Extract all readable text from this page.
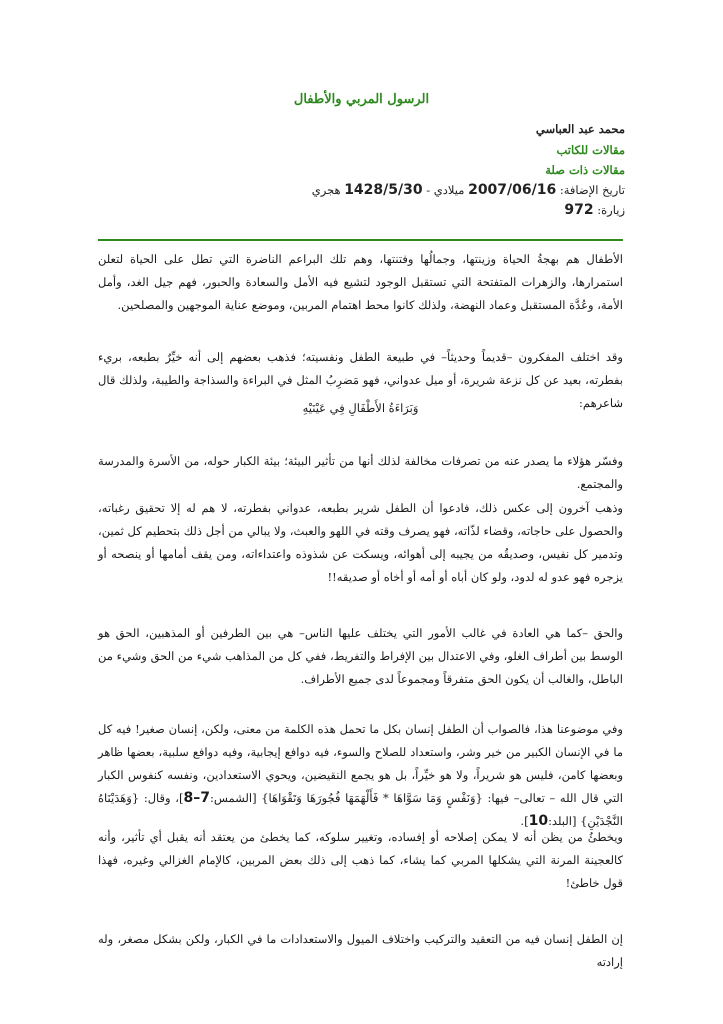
الرسول المربي والأطفال
محمد عبد العباسي
مقالات للكاتب
مقالات ذات صلة
تاريخ الإضافة: 2007/06/16 ميلادي - 1428/5/30 هجري
زيارة: 972
الأطفال هم بهجةُ الحياة وزينتها، وجمالُها وفتنتها، وهم تلك البراعم الناضرة التي تطل على الحياة لتعلن استمرارها، والزهرات المتفتحة التي تستقبل الوجود لتشيع فيه الأمل والسعادة والحبور، فهم جيل الغد، وأمل الأمة، وعُدَّة المستقبل وعماد النهضة، ولذلك كانوا محط اهتمام المربين، وموضع عناية الموجهين والمصلحين.
وقد اختلف المفكرون –قديماً وحديثاً– في طبيعة الطفل ونفسيته؛ فذهب بعضهم إلى أنه خيِّرٌ بطبعه، بريء بفطرته، بعيد عن كل نزعة شريرة، أو ميل عدواني، فهو مَضرِبُ المثل في البراءة والسذاجة والطيبة، ولذلك قال شاعرهم:
وَبَرَاءَةُ الأَطْفَالِ فِي عَيْنَيْهِ
وفسّر هؤلاء ما يصدر عنه من تصرفات مخالفة لذلك أنها من تأثير البيئة؛ بيئة الكبار حوله، من الأسرة والمدرسة والمجتمع.
وذهب آخرون إلى عكس ذلك، فادعوا أن الطفل شرير بطبعه، عدواني بفطرته، لا هم له إلا تحقيق رغباته، والحصول على حاجاته، وقضاء لذّاته، فهو يصرف وقته في اللهو والعبث، ولا يبالي من أجل ذلك بتحطيم كل ثمين، وتدمير كل نفيس، وصديقُه من يجيبه إلى أهوائه، ويسكت عن شذوذه واعتداءاته، ومن يقف أمامها أو ينصحه أو يزجره فهو عدو له لدود، ولو كان أباه أو أمه أو أخاه أو صديقه!!
والحق –كما هي العادة في غالب الأمور التي يختلف عليها الناس– هي بين الطرفين أو المذهبين، الحق هو الوسط بين أطراف الغلو، وفي الاعتدال بين الإفراط والتفريط، ففي كل من المذاهب شيء من الحق وشيء من الباطل، والغالب أن يكون الحق متفرقاً ومجموعاً لدى جميع الأطراف.
وفي موضوعنا هذا، فالصواب أن الطفل إنسان بكل ما تحمل هذه الكلمة من معنى، ولكن، إنسان صغير! فيه كل ما في الإنسان الكبير من خير وشر، واستعداد للصلاح والسوء، فيه دوافع إيجابية، وفيه دوافع سلبية، بعضها ظاهر وبعضها كامن، فليس هو شريراً، ولا هو خيِّراً، بل هو يجمع النقيضين، ويحوي الاستعدادين، ونفسه كنفوس الكبار التي قال الله – تعالى– فيها: {وَنَفْسٍ وَمَا سَوَّاهَا * فَأَلْهَمَهَا فُجُورَهَا وَتَقْوَاهَا} [الشمس:7–8]، وقال: {وَهَدَيْنَاهُ النَّجْدَيْنِ} [البلد:10].
ويخطئُ من يظن أنه لا يمكن إصلاحه أو إفساده، وتغيير سلوكه، كما يخطئ من يعتقد أنه يقبل أي تأثير، وأنه كالعجينة المرنة التي يشكلها المربي كما يشاء، كما ذهب إلى ذلك بعض المربين، كالإمام الغزالي وغيره، فهذا قول خاطئ!
إن الطفل إنسان فيه من التعقيد والتركيب واختلاف الميول والاستعدادات ما في الكبار، ولكن بشكل مصغر، وله إرادته
